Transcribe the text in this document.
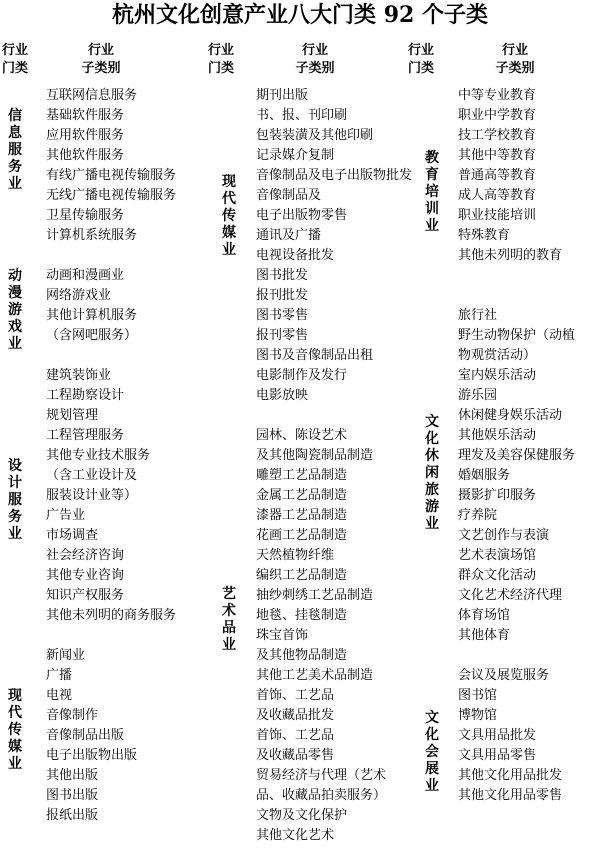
杭州文化创意产业八大门类 92 个子类
行业
门类
行业
子类别
信息服务业
动漫游戏业
设计服务业
现代传媒业
互联网信息服务
基础软件服务
应用软件服务
其他软件服务
有线广播电视传输服务
无线广播电视传输服务
卫星传输服务
计算机系统服务
动画和漫画业
网络游戏业
其他计算机服务
（含网吧服务）
建筑装饰业
工程勘察设计
规划管理
工程管理服务
其他专业技术服务
（含工业设计及
服装设计业等）
广告业
市场调查
社会经济咨询
其他专业咨询
知识产权服务
其他未列明的商务服务
新闻业
广播
电视
音像制作
音像制品出版
电子出版物出版
其他出版
图书出版
报纸出版
行业
门类
行业
子类别
现代传媒业
艺术品业
期刊出版
书、报、刊印刷
包装装潢及其他印刷
记录媒介复制
音像制品及电子出版物批发
音像制品及
电子出版物零售
通讯及广播
电视设备批发
图书批发
报刊批发
图书零售
报刊零售
图书及音像制品出租
电影制作及发行
电影放映
园林、陈设艺术
及其他陶瓷制品制造
雕塑工艺品制造
金属工艺品制造
漆器工艺品制造
花画工艺品制造
天然植物纤维
编织工艺品制造
抽纱刺绣工艺品制造
地毯、挂毯制造
珠宝首饰
及其他物品制造
其他工艺美术品制造
首饰、工艺品
及收藏品批发
首饰、工艺品
及收藏品零售
贸易经济与代理（艺术
品、收藏品拍卖服务）
文物及文化保护
其他文化艺术
行业
门类
行业
子类别
教育培训业
文化休闲旅游业
文化会展业
中等专业教育
职业中学教育
技工学校教育
其他中等教育
普通高等教育
成人高等教育
职业技能培训
特殊教育
其他未列明的教育
旅行社
野生动物保护（动植
物观赏活动）
室内娱乐活动
游乐园
休闲健身娱乐活动
其他娱乐活动
理发及美容保健服务
婚姻服务
摄影扩印服务
疗养院
文艺创作与表演
艺术表演场馆
群众文化活动
文化艺术经济代理
体育场馆
其他体育
会议及展览服务
图书馆
博物馆
文具用品批发
文具用品零售
其他文化用品批发
其他文化用品零售
